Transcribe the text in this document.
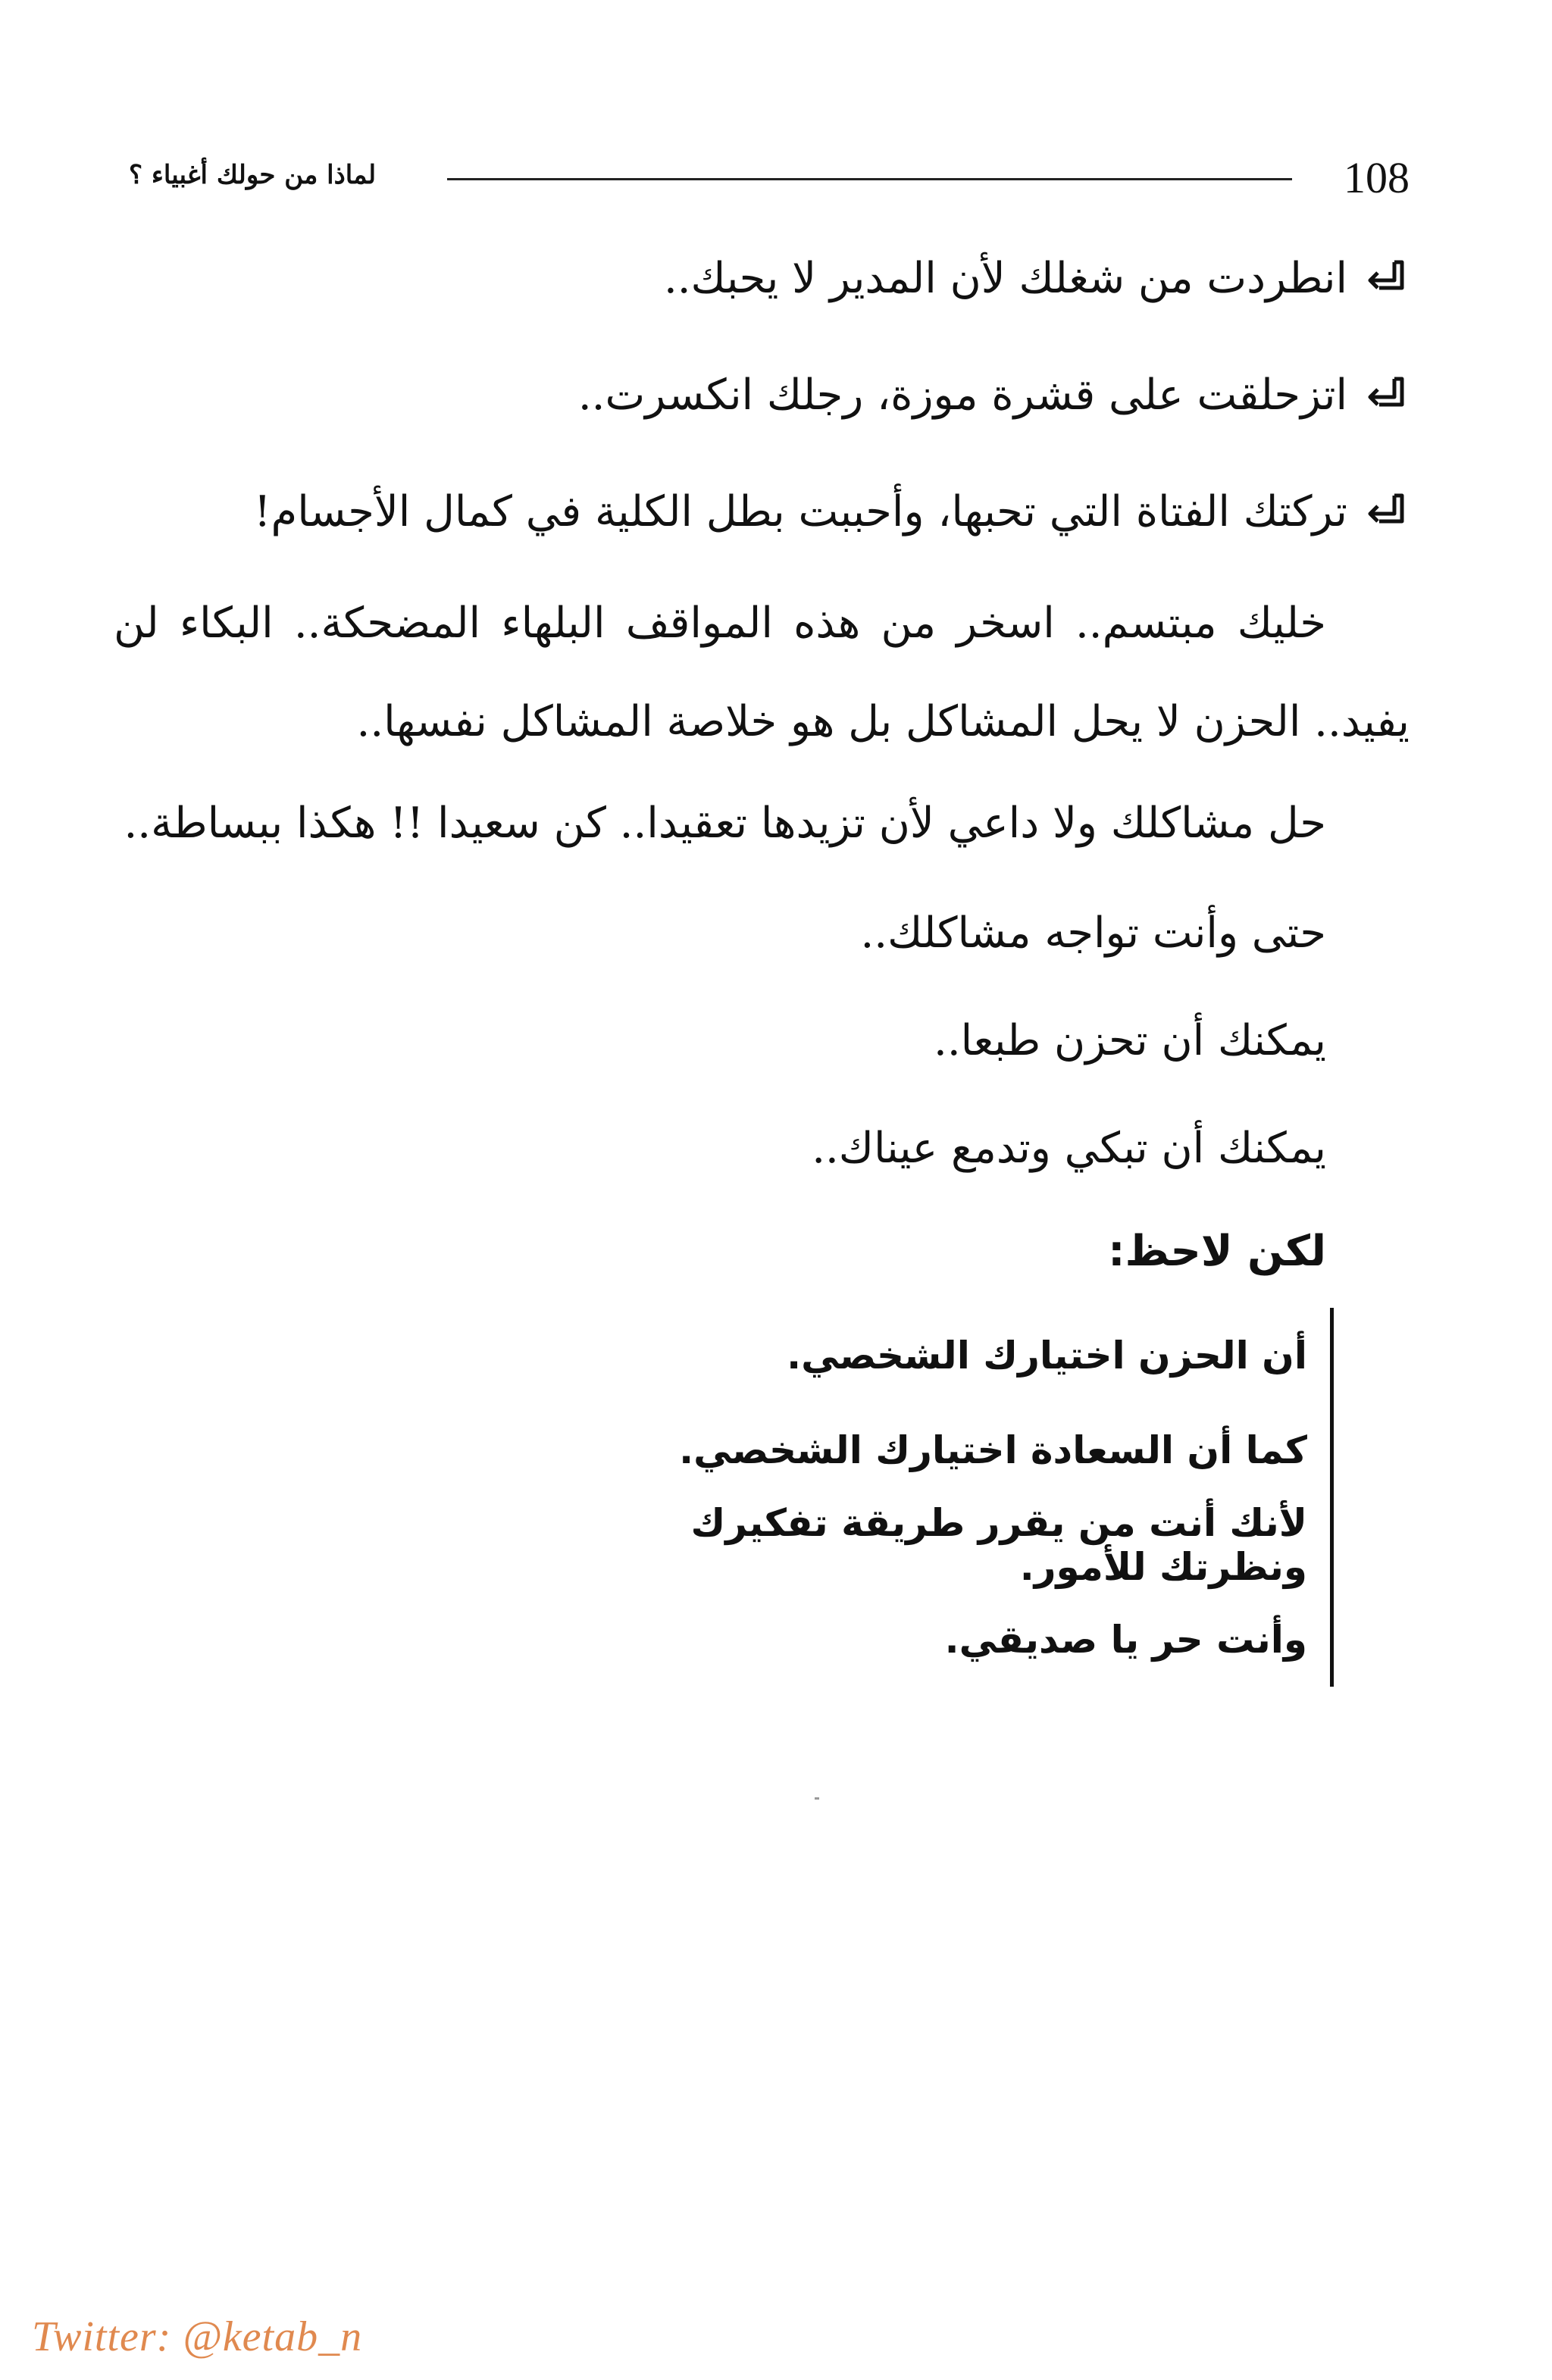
لماذا من حولك أغبياء ؟	108
انطردت من شغلك لأن المدير لا يحبك..
اتزحلقت على قشرة موزة، رجلك انكسرت..
تركتك الفتاة التي تحبها، وأحببت بطل الكلية في كمال الأجسام!

خليك مبتسم.. اسخر من هذه المواقف البلهاء المضحكة.. البكاء لن يفيد.. الحزن لا يحل المشاكل بل هو خلاصة المشاكل نفسها..

حل مشاكلك ولا داعي لأن تزيدها تعقيدا.. كن سعيدا !! هكذا ببساطة..

حتى وأنت تواجه مشاكلك..
يمكنك أن تحزن طبعا..
يمكنك أن تبكي وتدمع عيناك..
لكن لاحظ:
أن الحزن اختيارك الشخصي.
كما أن السعادة اختيارك الشخصي.
لأنك أنت من يقرر طريقة تفكيرك ونظرتك للأمور.
وأنت حر يا صديقي.
Twitter: @ketab_n
